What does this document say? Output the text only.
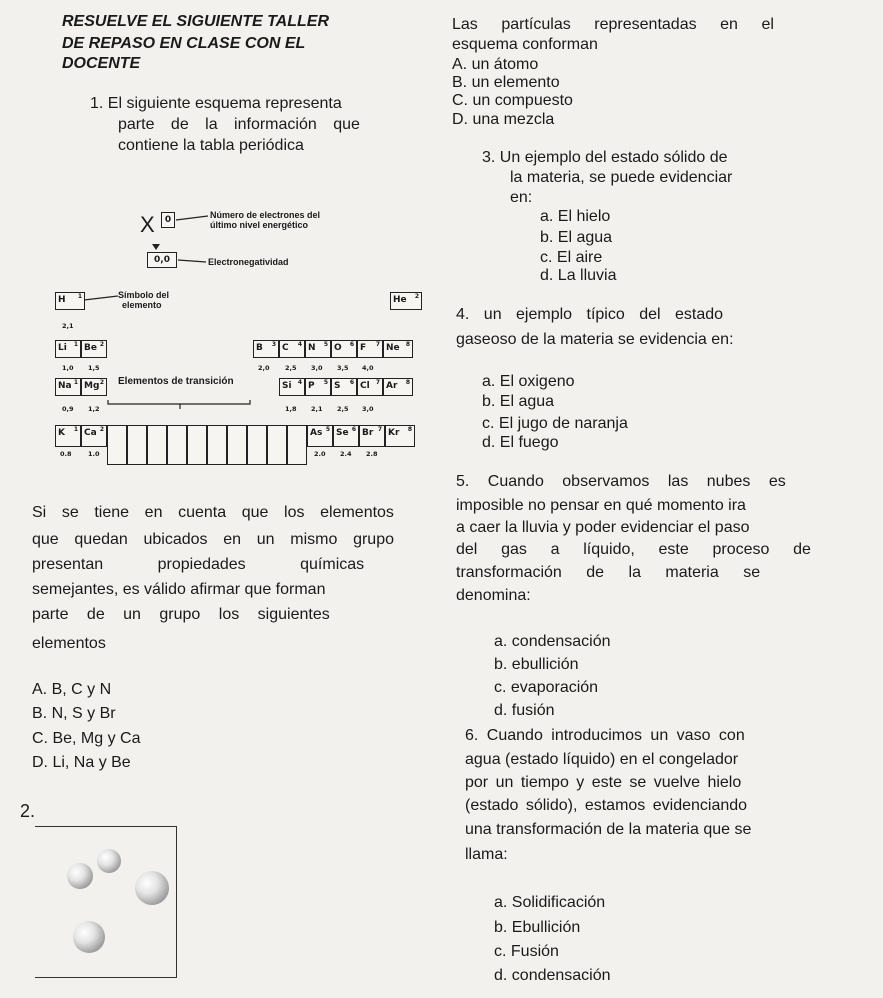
RESUELVE EL SIGUIENTE TALLER
DE REPASO EN CLASE CON EL
DOCENTE
1. El siguiente esquema representa
parte de la información que
contiene la tabla periódica
X	0
0,0
Número de electrones del
último nivel energético
Electronegatividad
Símbolo del
elemento
Elementos de transición
H 1
2,1
He 2
Li 1 Be 2
1,0 1,5
B 3 C 4 N 5 O 6 F 7 Ne 8
2,0 2,5 3,0 3,5 4,0
Na 1 Mg 2
0,9 1,2
Si 4 P 5 S 6 Cl 7 Ar 8
1,8 2,1 2,5 3,0
K 1 Ca 2
0.8	1.0
As 5 Se 6 Br 7 Kr 8
2.0 2.4 2.8
Si se tiene en cuenta que los elementos
que quedan ubicados en un mismo grupo
presentan propiedades químicas
semejantes, es válido afirmar que forman
parte de un grupo los siguientes
elementos
A. B, C y N
B. N, S y Br
C. Be, Mg y Ca
D. Li, Na y Be
2.
Las partículas representadas en el
esquema conforman
A. un átomo
B. un elemento
C. un compuesto
D. una mezcla
3. Un ejemplo del estado sólido de
la materia, se puede evidenciar
en:
a. El hielo
b. El agua
c. El aire
d. La lluvia
4. un ejemplo típico del estado
gaseoso de la materia se evidencia en:
a. El oxigeno
b. El agua
c. El jugo de naranja
d. El fuego
5. Cuando observamos las nubes es
imposible no pensar en qué momento ira
a caer la lluvia y poder evidenciar el paso
del gas a líquido, este proceso de
transformación de la materia se
denomina:
a. condensación
b. ebullición
c. evaporación
d. fusión
6. Cuando introducimos un vaso con
agua (estado líquido) en el congelador
por un tiempo y este se vuelve hielo
(estado sólido), estamos evidenciando
una transformación de la materia que se
llama:
a. Solidificación
b. Ebullición
c. Fusión
d. condensación
